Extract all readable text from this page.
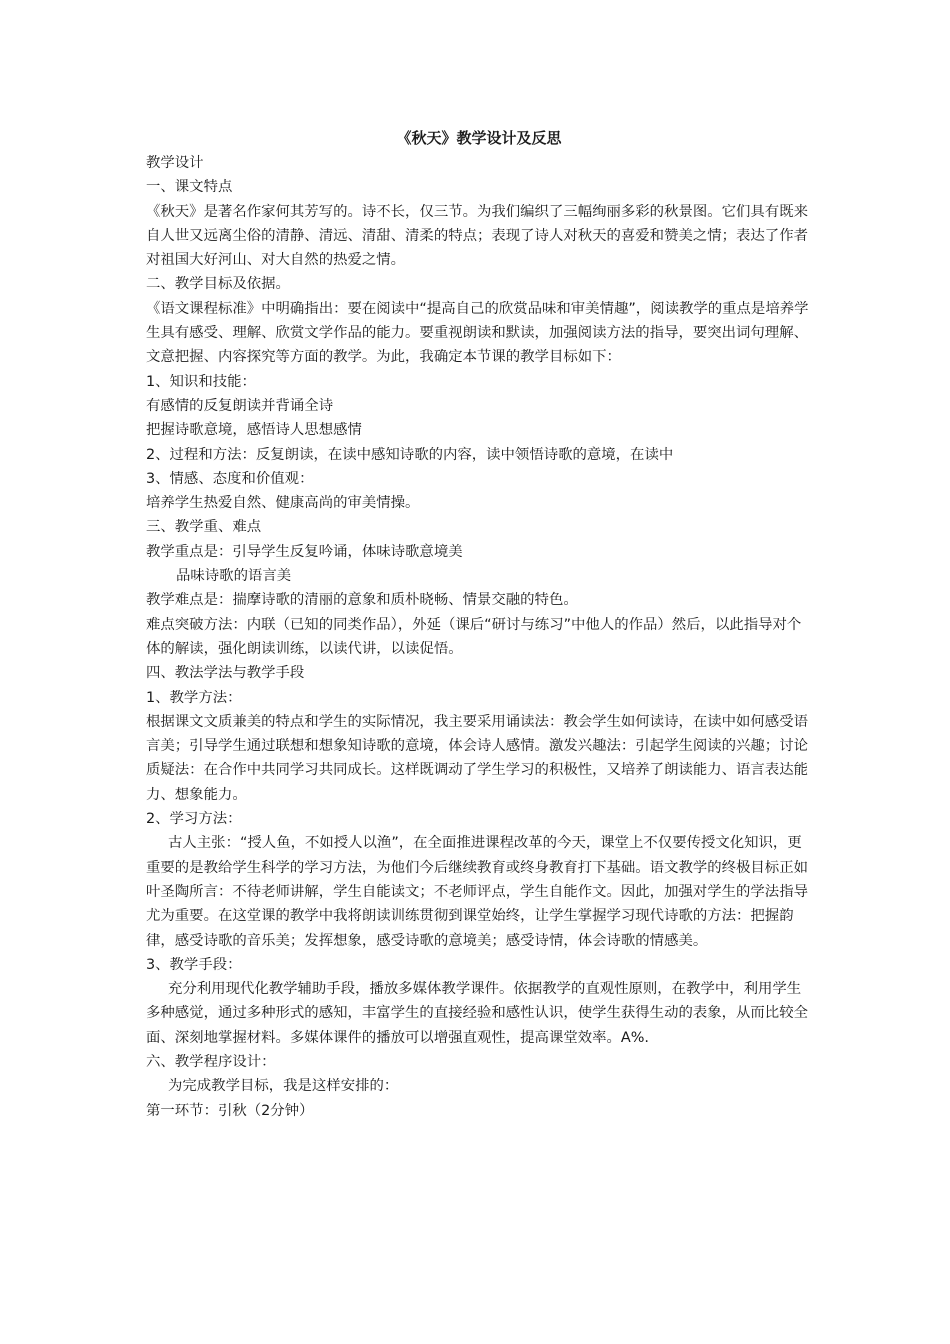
《秋天》教学设计及反思

教学设计

一、课文特点

《秋天》是著名作家何其芳写的。诗不长，仅三节。为我们编织了三幅绚丽多彩的秋景图。它们具有既来自人世又远离尘俗的清静、清远、清甜、清柔的特点；表现了诗人对秋天的喜爱和赞美之情；表达了作者对祖国大好河山、对大自然的热爱之情。

二、教学目标及依据。

《语文课程标准》中明确指出：要在阅读中“提高自己的欣赏品味和审美情趣”，阅读教学的重点是培养学生具有感受、理解、欣赏文学作品的能力。要重视朗读和默读，加强阅读方法的指导，要突出词句理解、文意把握、内容探究等方面的教学。为此，我确定本节课的教学目标如下：

1、知识和技能：

有感情的反复朗读并背诵全诗

把握诗歌意境，感悟诗人思想感情

2、过程和方法：反复朗读，在读中感知诗歌的内容，读中领悟诗歌的意境，在读中

3、情感、态度和价值观：

培养学生热爱自然、健康高尚的审美情操。

三、教学重、难点

教学重点是：引导学生反复吟诵，体味诗歌意境美

品味诗歌的语言美

教学难点是：揣摩诗歌的清丽的意象和质朴晓畅、情景交融的特色。

难点突破方法：内联（已知的同类作品），外延（课后“研讨与练习”中他人的作品）然后，以此指导对个体的解读，强化朗读训练，以读代讲，以读促悟。

四、教法学法与教学手段

1、教学方法：

根据课文文质兼美的特点和学生的实际情况，我主要采用诵读法：教会学生如何读诗，在读中如何感受语言美；引导学生通过联想和想象知诗歌的意境，体会诗人感情。激发兴趣法：引起学生阅读的兴趣；讨论质疑法：在合作中共同学习共同成长。这样既调动了学生学习的积极性，又培养了朗读能力、语言表达能力、想象能力。

2、学习方法：

古人主张：“授人鱼，不如授人以渔”，在全面推进课程改革的今天，课堂上不仅要传授文化知识，更重要的是教给学生科学的学习方法，为他们今后继续教育或终身教育打下基础。语文教学的终极目标正如叶圣陶所言：不待老师讲解，学生自能读文；不老师评点，学生自能作文。因此，加强对学生的学法指导尤为重要。在这堂课的教学中我将朗读训练贯彻到课堂始终，让学生掌握学习现代诗歌的方法：把握韵律，感受诗歌的音乐美；发挥想象，感受诗歌的意境美；感受诗情，体会诗歌的情感美。

3、教学手段：

充分利用现代化教学辅助手段，播放多媒体教学课件。依据教学的直观性原则，在教学中，利用学生多种感觉，通过多种形式的感知，丰富学生的直接经验和感性认识，使学生获得生动的表象，从而比较全面、深刻地掌握材料。多媒体课件的播放可以增强直观性，提高课堂效率。A%.

六、教学程序设计：

为完成教学目标，我是这样安排的：

第一环节：引秋（2分钟）
